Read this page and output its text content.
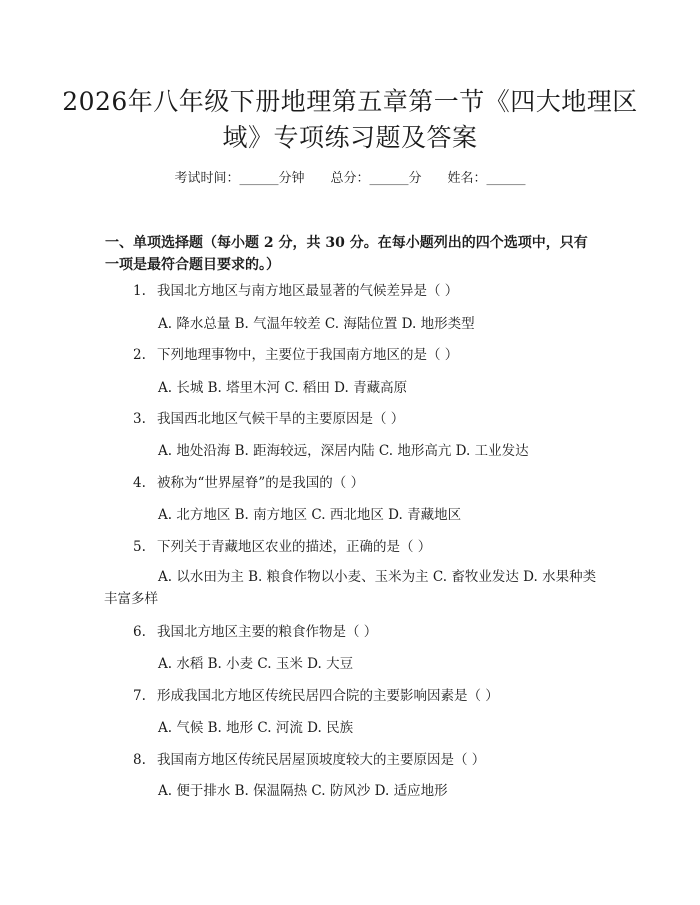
2026年八年级下册地理第五章第一节《四大地理区域》专项练习题及答案
考试时间：______分钟 总分：______分 姓名：______
一、单项选择题（每小题 2 分，共 30 分。在每小题列出的四个选项中，只有一项是最符合题目要求的。）
1. 我国北方地区与南方地区最显著的气候差异是（ ）
A. 降水总量 B. 气温年较差 C. 海陆位置 D. 地形类型
2. 下列地理事物中，主要位于我国南方地区的是（ ）
A. 长城 B. 塔里木河 C. 稻田 D. 青藏高原
3. 我国西北地区气候干旱的主要原因是（ ）
A. 地处沿海 B. 距海较远，深居内陆 C. 地形高亢 D. 工业发达
4. 被称为“世界屋脊”的是我国的（ ）
A. 北方地区 B. 南方地区 C. 西北地区 D. 青藏地区
5. 下列关于青藏地区农业的描述，正确的是（ ）
A. 以水田为主 B. 粮食作物以小麦、玉米为主 C. 畜牧业发达 D. 水果种类丰富多样
6. 我国北方地区主要的粮食作物是（ ）
A. 水稻 B. 小麦 C. 玉米 D. 大豆
7. 形成我国北方地区传统民居四合院的主要影响因素是（ ）
A. 气候 B. 地形 C. 河流 D. 民族
8. 我国南方地区传统民居屋顶坡度较大的主要原因是（ ）
A. 便于排水 B. 保温隔热 C. 防风沙 D. 适应地形
